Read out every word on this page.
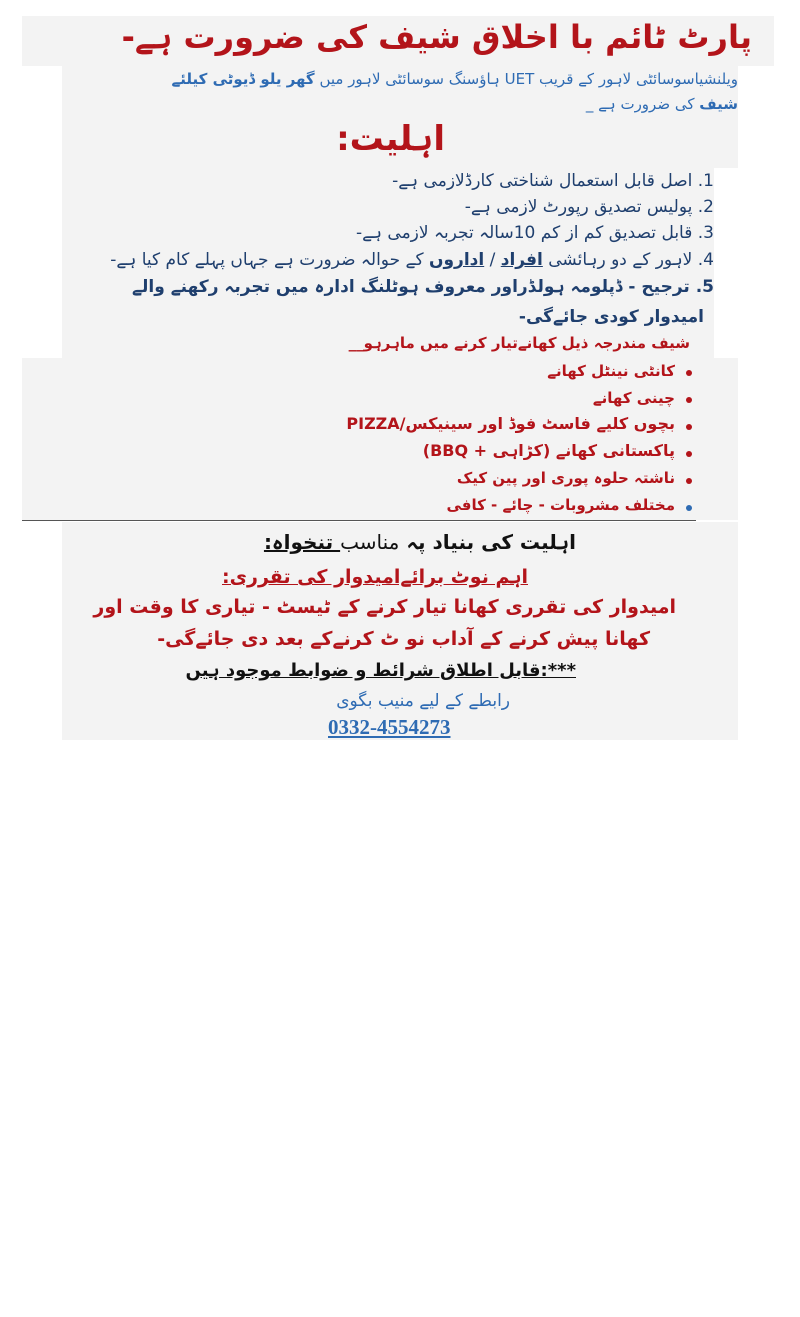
پارٹ ٹائم با اخلاق شیف کی ضرورت ہے-
ویلنشیاسوسائٹی لاہور کے قریب UET ہاؤسنگ سوسائٹی لاہور میں گھر یلو ڈیوٹی کیلئے
شیف کی ضرورت ہے _
اہلیت:
1. اصل قابل استعمال شناختی کارڈلازمی ہے-
2. پولیس تصدیق رپورٹ لازمی ہے-
3. قابل تصدیق کم از کم 10سالہ تجربہ لازمی ہے-
4. لاہور کے دو رہائشی افراد / اداروں کے حوالہ ضرورت ہے جہاں پہلے کام کیا ہے-
5. ترجیح - ڈپلومہ ہولڈراور معروف ہوٹلنگ ادارہ میں تجربہ رکھنے والے
امیدوار کودی جائےگی-
شیف مندرجہ ذیل کھانےتیار کرنے میں ماہرہو__
کانٹی نینٹل کھانے
چینی کھانے
بچوں کلیے فاسٹ فوڈ اور سینیکس/PIZZA
پاکستانی کھانے (کڑاہی + BBQ)
ناشتہ حلوہ پوری اور پین کیک
مختلف مشروبات - چائے - کافی
اہلیت کی بنیاد پہ مناسب تنخواہ:
اہم نوٹ برائےامیدوار کی تقرری:
امیدوار کی تقرری کھانا تیار کرنے کے ٹیسٹ - تیاری کا وقت اور
کھانا پیش کرنے کے آداب نو ٹ کرنےکے بعد دی جائےگی-
***:قابل اطلاق شرائط و ضوابط موجود ہیں
رابطے کے لیے منیب بگوی
0332-4554273
